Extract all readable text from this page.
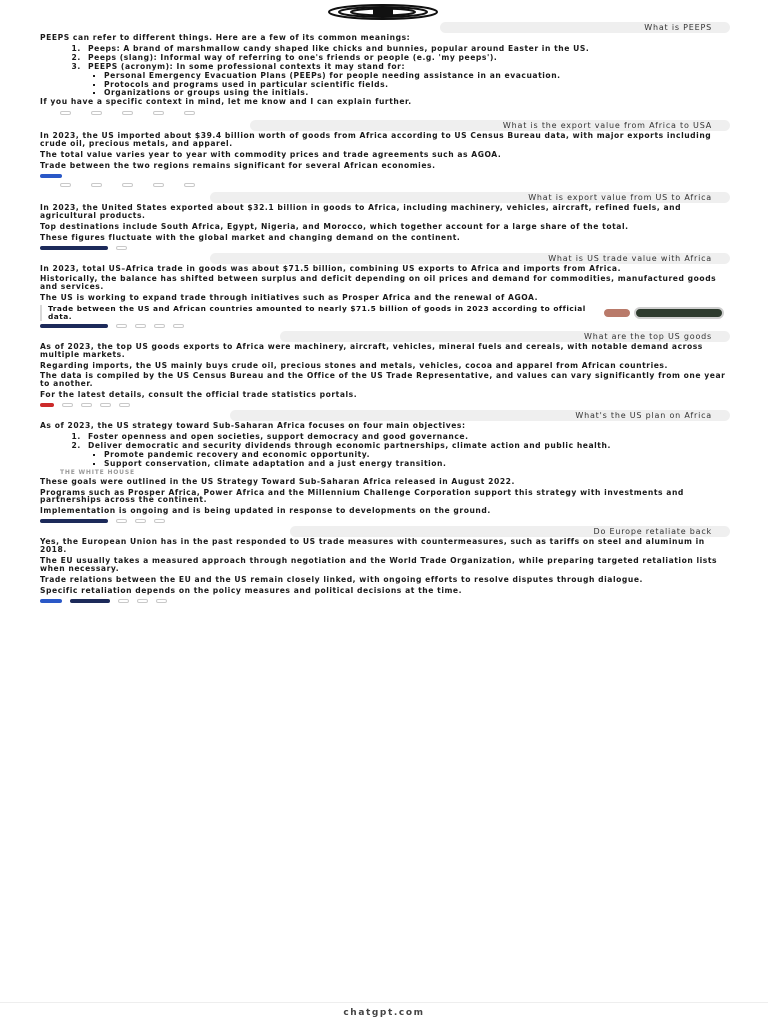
What is PEEPS

PEEPS can refer to different things. Here are a few of its common meanings:

1. Peeps: A brand of marshmallow candy shaped like chicks and bunnies, popular around Easter in the US.
2. Peeps (slang): Informal way of referring to one's friends or people (e.g. 'my peeps').
3. PEEPS (acronym): In some professional contexts it may stand for:
▪ Personal Emergency Evacuation Plans (PEEPs) for people needing assistance in an evacuation.
▪ Protocols and programs used in particular scientific fields.
▪ Organizations or groups using the initials.

If you have a specific context in mind, let me know and I can explain further.

What is the export value from Africa to USA

In 2023, the US imported about $39.4 billion worth of goods from Africa according to US Census Bureau data, with major exports including crude oil, precious metals, and apparel.

The total value varies year to year with commodity prices and trade agreements such as AGOA.

Trade between the two regions remains significant for several African economies.

What is export value from US to Africa

In 2023, the United States exported about $32.1 billion in goods to Africa, including machinery, vehicles, aircraft, refined fuels, and agricultural products.

Top destinations include South Africa, Egypt, Nigeria, and Morocco, which together account for a large share of the total.

These figures fluctuate with the global market and changing demand on the continent.

What is US trade value with Africa

In 2023, total US–Africa trade in goods was about $71.5 billion, combining US exports to Africa and imports from Africa.

Historically, the balance has shifted between surplus and deficit depending on oil prices and demand for commodities, manufactured goods and services.

The US is working to expand trade through initiatives such as Prosper Africa and the renewal of AGOA.

Trade between the US and African countries amounted to nearly $71.5 billion of goods in 2023 according to official data.
What are the top US goods

As of 2023, the top US goods exports to Africa were machinery, aircraft, vehicles, mineral fuels and cereals, with notable demand across multiple markets.

Regarding imports, the US mainly buys crude oil, precious stones and metals, vehicles, cocoa and apparel from African countries.

The data is compiled by the US Census Bureau and the Office of the US Trade Representative, and values can vary significantly from one year to another.

For the latest details, consult the official trade statistics portals.

What's the US plan on Africa

As of 2023, the US strategy toward Sub-Saharan Africa focuses on four main objectives:

1. Foster openness and open societies, support democracy and good governance.
2. Deliver democratic and security dividends through economic partnerships, climate action and public health.
▪ Promote pandemic recovery and economic opportunity.
▪ Support conservation, climate adaptation and a just energy transition.
THE WHITE HOUSE

These goals were outlined in the US Strategy Toward Sub-Saharan Africa released in August 2022.

Programs such as Prosper Africa, Power Africa and the Millennium Challenge Corporation support this strategy with investments and partnerships across the continent.

Implementation is ongoing and is being updated in response to developments on the ground.

Do Europe retaliate back

Yes, the European Union has in the past responded to US trade measures with countermeasures, such as tariffs on steel and aluminum in 2018.

The EU usually takes a measured approach through negotiation and the World Trade Organization, while preparing targeted retaliation lists when necessary.

Trade relations between the EU and the US remain closely linked, with ongoing efforts to resolve disputes through dialogue.

Specific retaliation depends on the policy measures and political decisions at the time.

chatgpt.com
